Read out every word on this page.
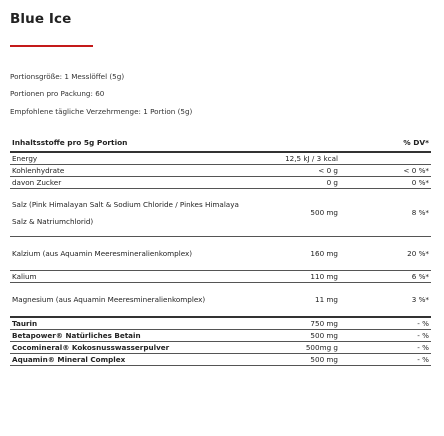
Blue Ice
Portionsgröße: 1 Messlöffel (5g)
Portionen pro Packung: 60
Empfohlene tägliche Verzehrmenge: 1 Portion (5g)
Inhaltsstoffe pro 5g Portion		% DV*
Energy	12,5 kJ / 3 kcal	
Kohlenhydrate	< 0 g	< 0 %*
davon Zucker	0 g	0 %*
Salz (Pink Himalayan Salt & Sodium Chloride / Pinkes Himalaya Salz & Natriumchlorid)	500 mg	8 %*
Kalzium (aus Aquamin Meeresmineralienkomplex)	160 mg	20 %*
Kalium	110 mg	6 %*
Magnesium (aus Aquamin Meeresmineralienkomplex)	11 mg	3 %*
Taurin	750 mg	- %
Betapower® Natürliches Betain	500 mg	- %
Cocomineral® Kokosnusswasserpulver	500mg g	- %
Aquamin® Mineral Complex	500 mg	- %
